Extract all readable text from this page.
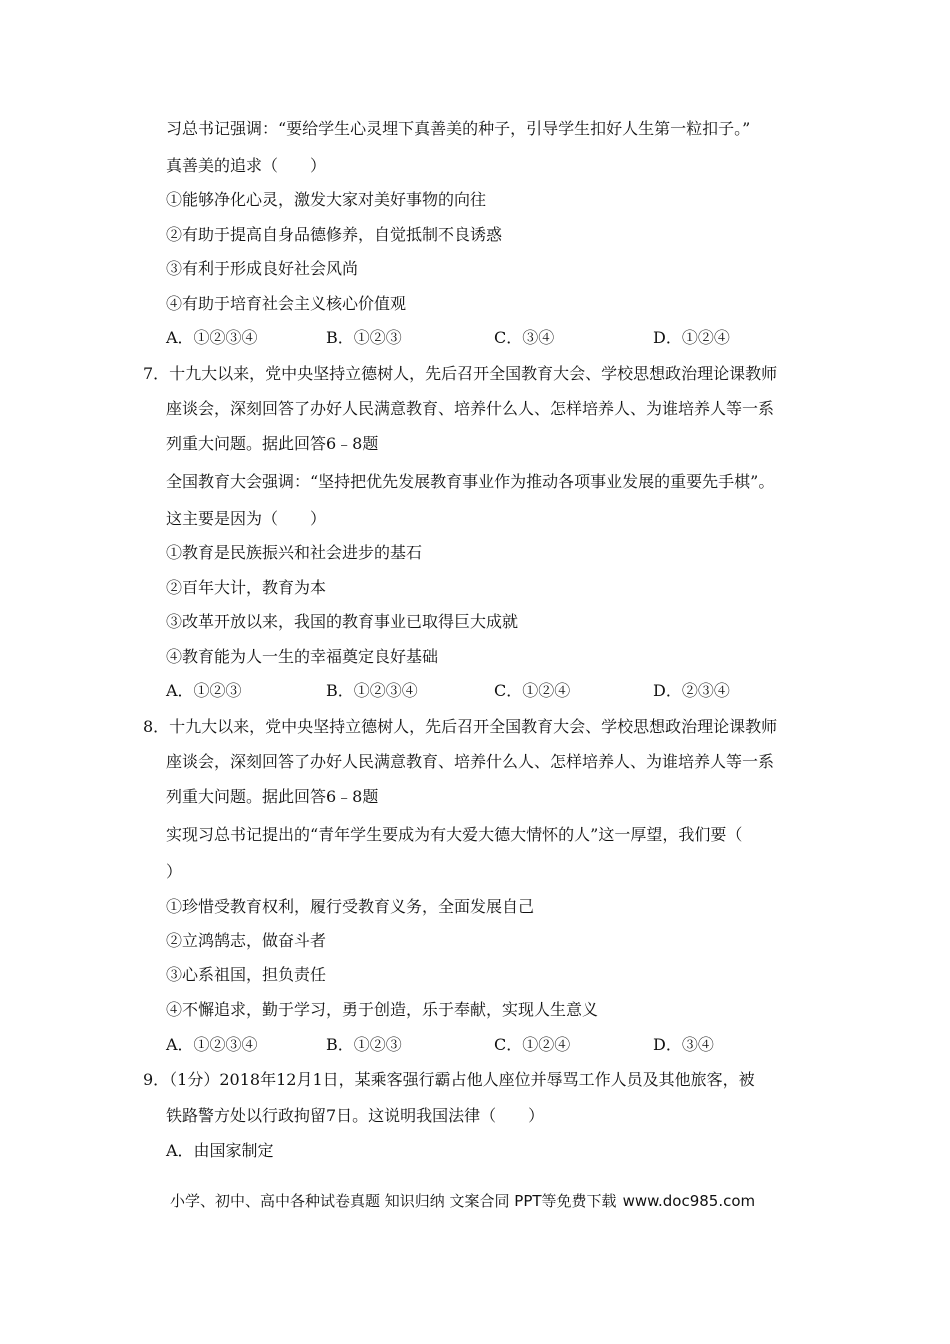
习总书记强调：“要给学生心灵埋下真善美的种子，引导学生扣好人生第一粒扣子。”
真善美的追求（　　）
①能够净化心灵，激发大家对美好事物的向往
②有助于提高自身品德修养，自觉抵制不良诱惑
③有利于形成良好社会风尚
④有助于培育社会主义核心价值观
A．①②③④	B．①②③	C．③④	D．①②④
7．十九大以来，党中央坚持立德树人，先后召开全国教育大会、学校思想政治理论课教师
座谈会，深刻回答了办好人民满意教育、培养什么人、怎样培养人、为谁培养人等一系
列重大问题。据此回答6﹣8题
全国教育大会强调：“坚持把优先发展教育事业作为推动各项事业发展的重要先手棋”。
这主要是因为（　　）
①教育是民族振兴和社会进步的基石
②百年大计，教育为本
③改革开放以来，我国的教育事业已取得巨大成就
④教育能为人一生的幸福奠定良好基础
A．①②③	B．①②③④	C．①②④	D．②③④
8．十九大以来，党中央坚持立德树人，先后召开全国教育大会、学校思想政治理论课教师
座谈会，深刻回答了办好人民满意教育、培养什么人、怎样培养人、为谁培养人等一系
列重大问题。据此回答6﹣8题
实现习总书记提出的“青年学生要成为有大爱大德大情怀的人”这一厚望，我们要（
）
①珍惜受教育权利，履行受教育义务，全面发展自己
②立鸿鹄志，做奋斗者
③心系祖国，担负责任
④不懈追求，勤于学习，勇于创造，乐于奉献，实现人生意义
A．①②③④	B．①②③	C．①②④	D．③④
9．（1分）2018年12月1日，某乘客强行霸占他人座位并辱骂工作人员及其他旅客，被
铁路警方处以行政拘留7日。这说明我国法律（　　）
A．由国家制定
小学、初中、高中各种试卷真题 知识归纳 文案合同 PPT等免费下载 www.doc985.com
